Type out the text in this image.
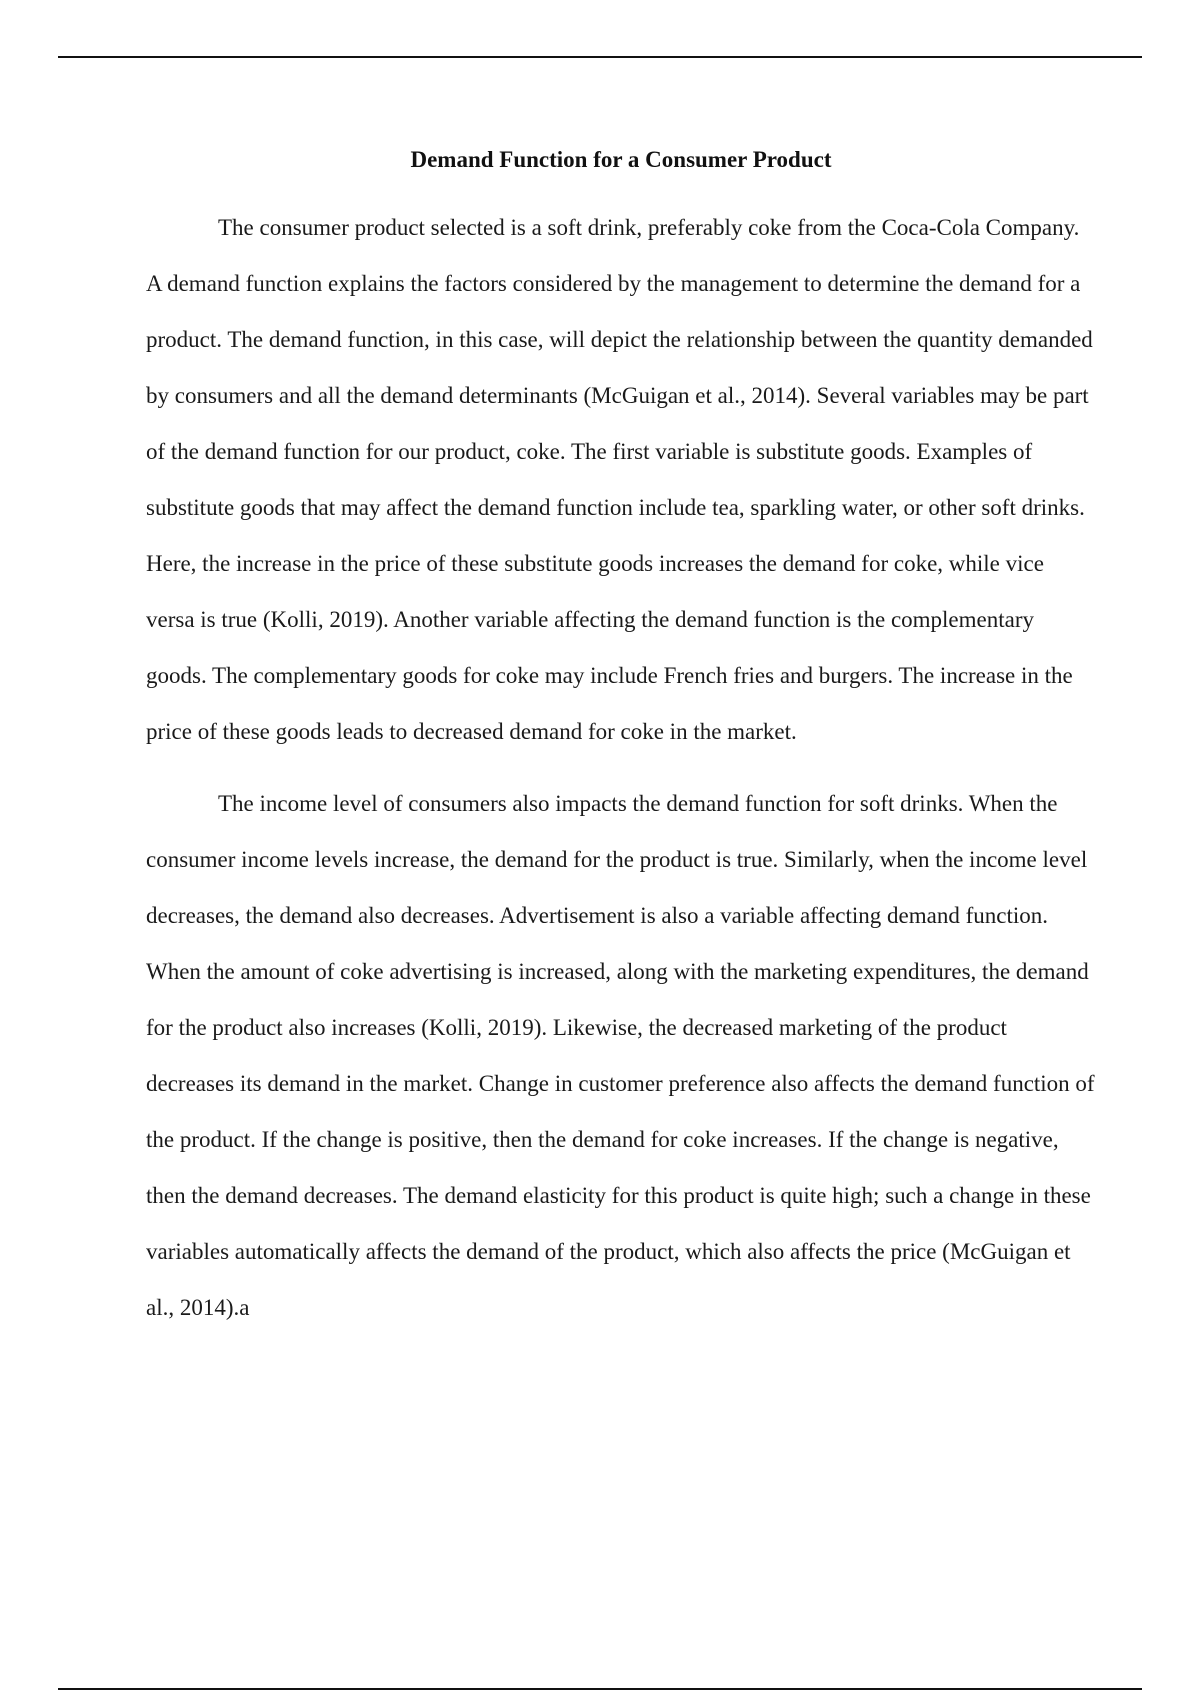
Demand Function for a Consumer Product

The consumer product selected is a soft drink, preferably coke from the Coca-Cola Company. A demand function explains the factors considered by the management to determine the demand for a product. The demand function, in this case, will depict the relationship between the quantity demanded by consumers and all the demand determinants (McGuigan et al., 2014). Several variables may be part of the demand function for our product, coke. The first variable is substitute goods. Examples of substitute goods that may affect the demand function include tea, sparkling water, or other soft drinks. Here, the increase in the price of these substitute goods increases the demand for coke, while vice versa is true (Kolli, 2019). Another variable affecting the demand function is the complementary goods. The complementary goods for coke may include French fries and burgers. The increase in the price of these goods leads to decreased demand for coke in the market.

The income level of consumers also impacts the demand function for soft drinks. When the consumer income levels increase, the demand for the product is true. Similarly, when the income level decreases, the demand also decreases. Advertisement is also a variable affecting demand function. When the amount of coke advertising is increased, along with the marketing expenditures, the demand for the product also increases (Kolli, 2019). Likewise, the decreased marketing of the product decreases its demand in the market. Change in customer preference also affects the demand function of the product. If the change is positive, then the demand for coke increases. If the change is negative, then the demand decreases. The demand elasticity for this product is quite high; such a change in these variables automatically affects the demand of the product, which also affects the price (McGuigan et al., 2014).a
